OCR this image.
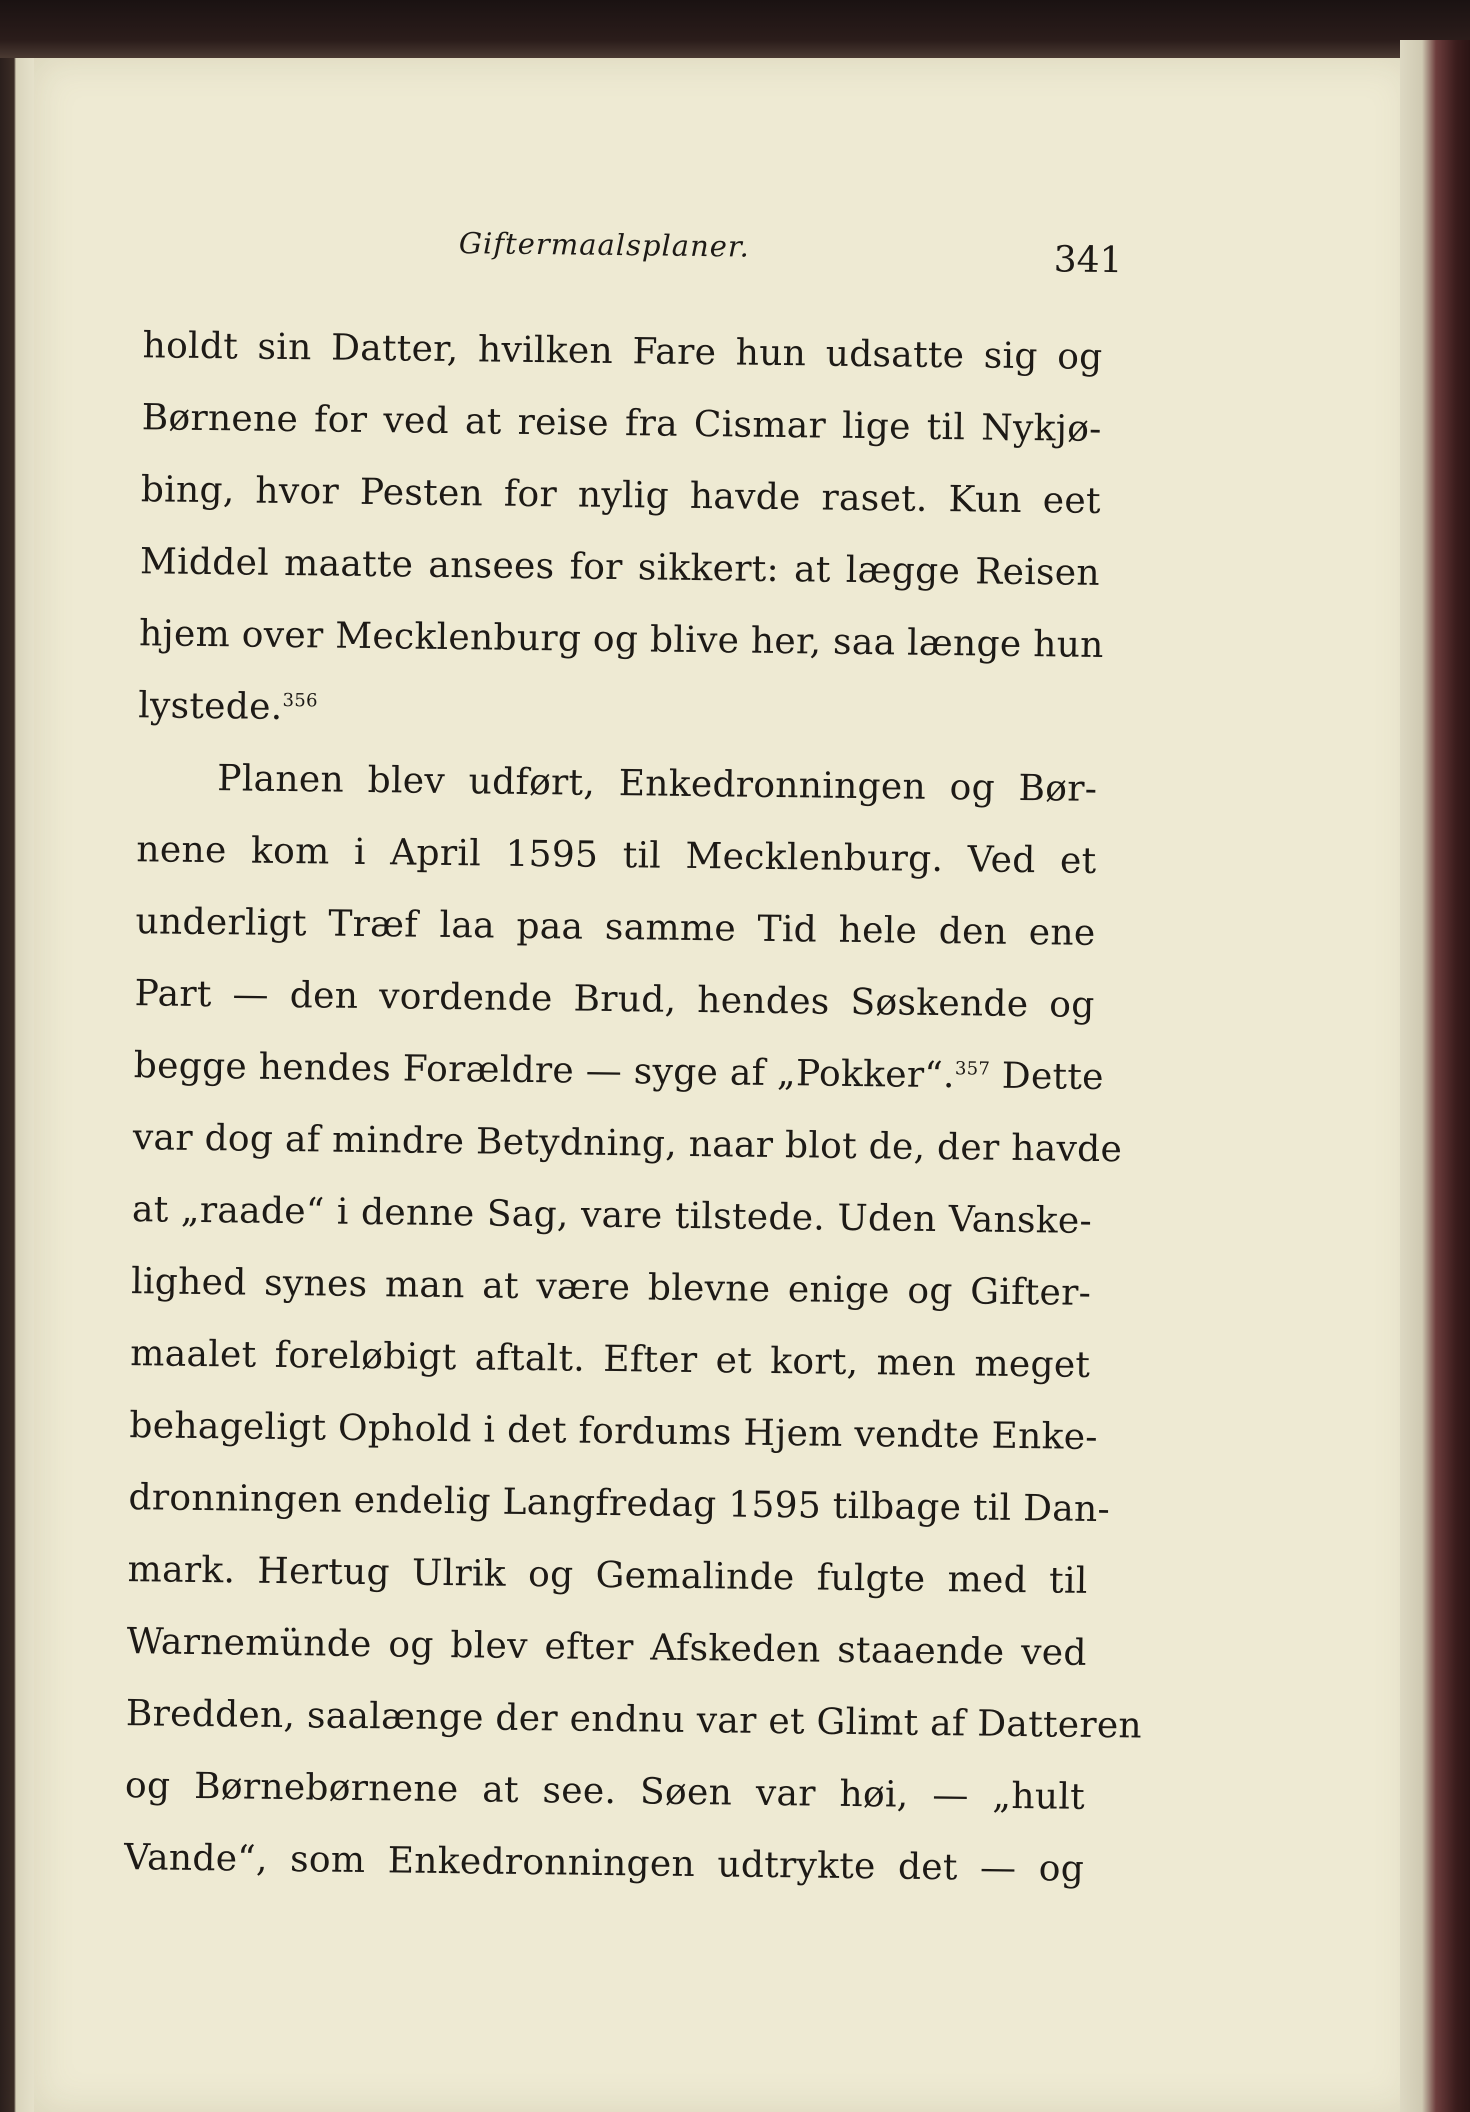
Giftermaalsplaner.	341
holdt sin Datter, hvilken Fare hun udsatte sig og
Børnene for ved at reise fra Cismar lige til Nykjø-
bing, hvor Pesten for nylig havde raset. Kun eet
Middel maatte ansees for sikkert: at lægge Reisen
hjem over Mecklenburg og blive her, saa længe hun
lystede.$^{356}$
Planen blev udført, Enkedronningen og Bør-
nene kom i April 1595 til Mecklenburg. Ved et
underligt Træf laa paa samme Tid hele den ene
Part — den vordende Brud, hendes Søskende og
begge hendes Forældre — syge af „Pokker“.$^{357}$ Dette
var dog af mindre Betydning, naar blot de, der havde
at „raade“ i denne Sag, vare tilstede. Uden Vanske-
lighed synes man at være blevne enige og Gifter-
maalet foreløbigt aftalt. Efter et kort, men meget
behageligt Ophold i det fordums Hjem vendte Enke-
dronningen endelig Langfredag 1595 tilbage til Dan-
mark. Hertug Ulrik og Gemalinde fulgte med til
Warnemünde og blev efter Afskeden staaende ved
Bredden, saalænge der endnu var et Glimt af Datteren
og Børnebørnene at see. Søen var høi, — „hult
Vande“, som Enkedronningen udtrykte det — og
